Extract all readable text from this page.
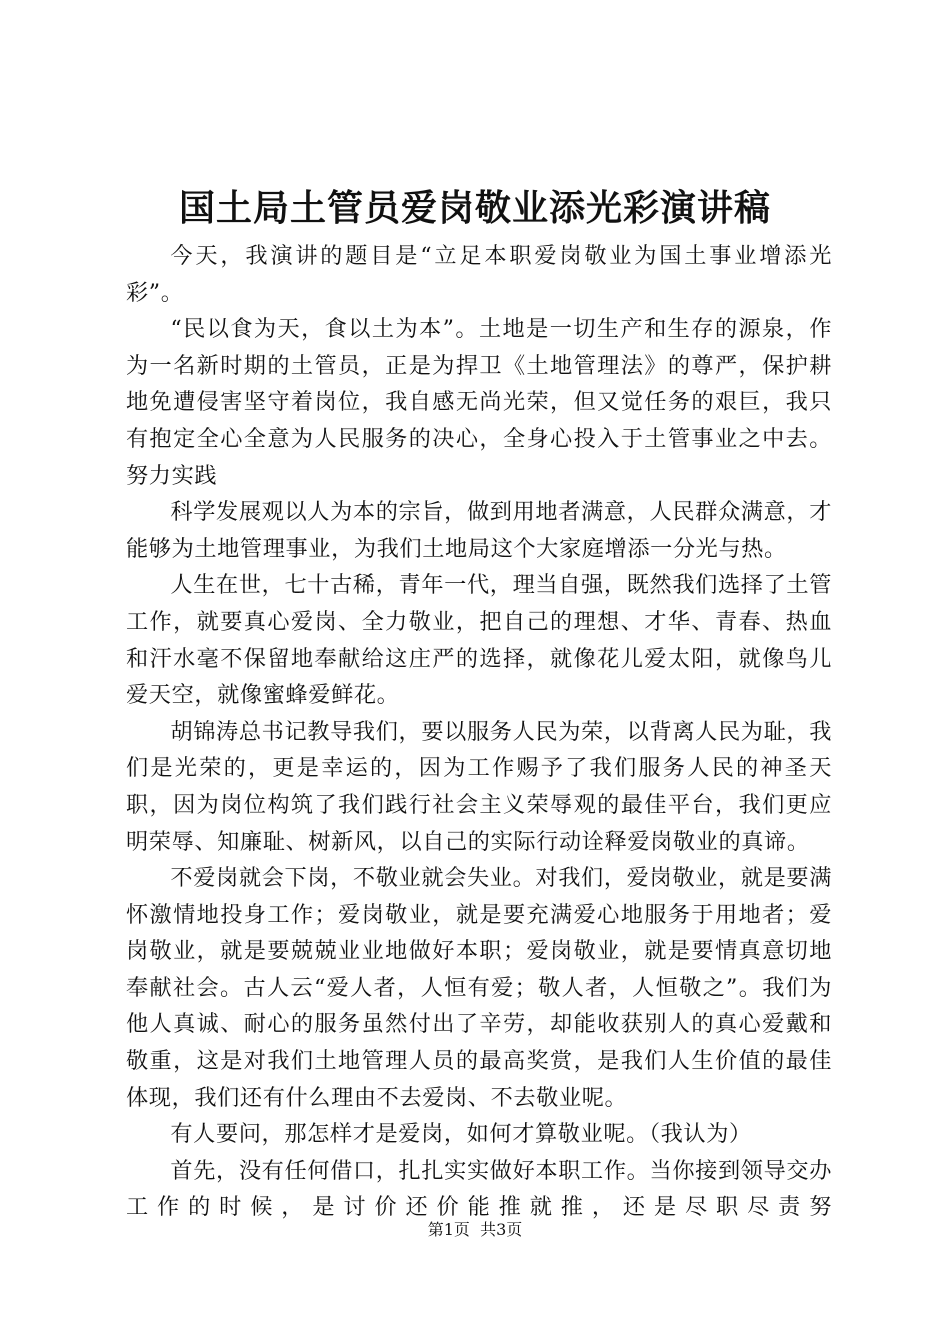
国土局土管员爱岗敬业添光彩演讲稿

今天，我演讲的题目是“立足本职爱岗敬业为国土事业增添光彩”。

“民以食为天，食以土为本”。土地是一切生产和生存的源泉，作为一名新时期的土管员，正是为捍卫《土地管理法》的尊严，保护耕地免遭侵害坚守着岗位，我自感无尚光荣，但又觉任务的艰巨，我只有抱定全心全意为人民服务的决心，全身心投入于土管事业之中去。努力实践

科学发展观以人为本的宗旨，做到用地者满意，人民群众满意，才能够为土地管理事业，为我们土地局这个大家庭增添一分光与热。

人生在世，七十古稀，青年一代，理当自强，既然我们选择了土管工作，就要真心爱岗、全力敬业，把自己的理想、才华、青春、热血和汗水毫不保留地奉献给这庄严的选择，就像花儿爱太阳，就像鸟儿爱天空，就像蜜蜂爱鲜花。

胡锦涛总书记教导我们，要以服务人民为荣，以背离人民为耻，我们是光荣的，更是幸运的，因为工作赐予了我们服务人民的神圣天职，因为岗位构筑了我们践行社会主义荣辱观的最佳平台，我们更应明荣辱、知廉耻、树新风，以自己的实际行动诠释爱岗敬业的真谛。

不爱岗就会下岗，不敬业就会失业。对我们，爱岗敬业，就是要满怀激情地投身工作；爱岗敬业，就是要充满爱心地服务于用地者；爱岗敬业，就是要兢兢业业地做好本职；爱岗敬业，就是要情真意切地奉献社会。古人云“爱人者，人恒有爱；敬人者，人恒敬之”。我们为他人真诚、耐心的服务虽然付出了辛劳，却能收获别人的真心爱戴和敬重，这是对我们土地管理人员的最高奖赏，是我们人生价值的最佳体现，我们还有什么理由不去爱岗、不去敬业呢。

有人要问，那怎样才是爱岗，如何才算敬业呢。（我认为）

首先，没有任何借口，扎扎实实做好本职工作。当你接到领导交办工作的时候，是讨价还价能推就推，还是尽职尽责努

第1页 共3页
